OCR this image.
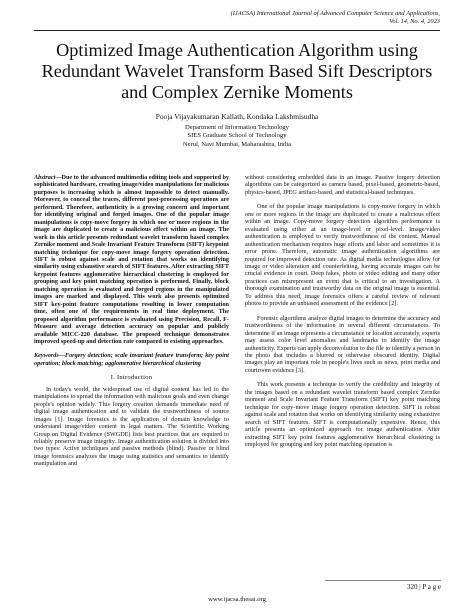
(IJACSA) International Journal of Advanced Computer Science and Applications,
Vol. 14, No. 4, 2023
Optimized Image Authentication Algorithm using
Redundant Wavelet Transform Based Sift Descriptors
and Complex Zernike Moments
Pooja Vijayakumaran Kallath, Kondaka Lakshmisudha
Department of Information Technology
SIES Graduate School of Technology
Nerul, Navi Mumbai, Maharashtra, India

Abstract—Due to the advanced multimedia editing tools and supported by sophisticated hardware, creating image/video manipulations for malicious purposes is increasing which is almost impossible to detect manually. Moreover, to conceal the traces, different post-processing operations are performed. Therefore, authenticity is a growing concern and important for identifying original and forged images. One of the popular image manipulations is copy-move forgery in which one or more regions in the image are duplicated to create a malicious effect within an image. The work in this article presents redundant wavelet transform based complex Zernike moment and Scale Invariant Feature Transform (SIFT) keypoint matching technique for copy-move image forgery operation detection. SIFT is robust against scale and rotation that works on identifying similarity using exhaustive search of SIFT features. After extracting SIFT keypoint features agglomerative hierarchical clustering is employed for grouping and key point matching operation is performed. Finally, block matching operation is evaluated and forged regions in the manipulated images are marked and displayed. This work also presents optimized SIFT key-point feature computations resulting in lower computation time, often one of the requirements in real time deployment. The proposed algorithm performance is evaluated using Precision, Recall, F-Measure and average detection accuracy on popular and publicly available MICC-220 database. The proposed technique demonstrates improved speed-up and detection rate compared to existing approaches.

Keywords—Forgery detection; scale invariant feature transform; key point operation; block matching; agglomerative hierarchical clustering

I. Introduction

In today's world, the widespread use of digital content has led to the manipulations to spread the information with malicious goals and even change people's opinion widely. This forgery creation demands immediate need of digital image authentication and to validate the trustworthiness of source images [1]. Image forensics is the application of domain knowledge to understand image/video content in legal matters. The Scientific Working Group on Digital Evidence (SWGDE) lists best practices that are required to reliably preserve image integrity. Image authentication solution is divided into two types: Active techniques and passive methods (blind). Passive or blind image forensics analyzes the image using statistics and semantics to identify manipulation and

without considering embedded data in an image. Passive forgery detection algorithms can be categorized as camera based, pixel-based, geometric-based, physics-based, JPEG artifact-based, and statistical-based techniques.

One of the popular image manipulations is copy-move forgery in which one or more regions in the image are duplicated to create a malicious effect within an image. Copy-move forgery detection algorithm performance is evaluated using either at an image-level or pixel-level. Image/video authentication is employed to verify trustworthiness of the content. Manual authentication mechanism requires huge efforts and labor and sometimes it is error prone. Therefore, automatic image authentication algorithms are required for improved detection rate. As digital media technologies allow for image or video alteration and counterfeiting, having accurate images can be crucial evidence in court. Deep fakes, photo or video editing and many other practices can misrepresent an event that is critical to an investigation. A thorough examination and trustworthy data on the original image is essential. To address this need, image forensics offers a careful review of relevant photos to provide an unbiased assessment of the evidence [2].

Forensic algorithms analyze digital images to determine the accuracy and trustworthiness of the information in several different circumstances. To determine if an image represents a circumstance or location accurately, experts may assess color level anomalies and landmarks to identify the image authenticity. Experts can apply deconvolution to the file to identify a person in the photo that includes a blurred or otherwise obscured identity. Digital images play an important role in people's lives such as news, print media and courtroom evidence [3].

This work presents a technique to verify the credibility and integrity of the images based on a redundant wavelet transform based complex Zernike moment and Scale Invariant Feature Transform (SIFT) key point matching technique for copy-move image forgery operation detection. SIFT is robust against scale and rotation that works on identifying similarity using exhaustive search of SIFT features. SIFT is computationally expensive. Hence, this article presents an optimized approach for image authentication. After extracting SIFT key point features agglomerative hierarchical clustering is employed for grouping and key point matching operation is

320 | P a g e
www.ijacsa.thesai.org
